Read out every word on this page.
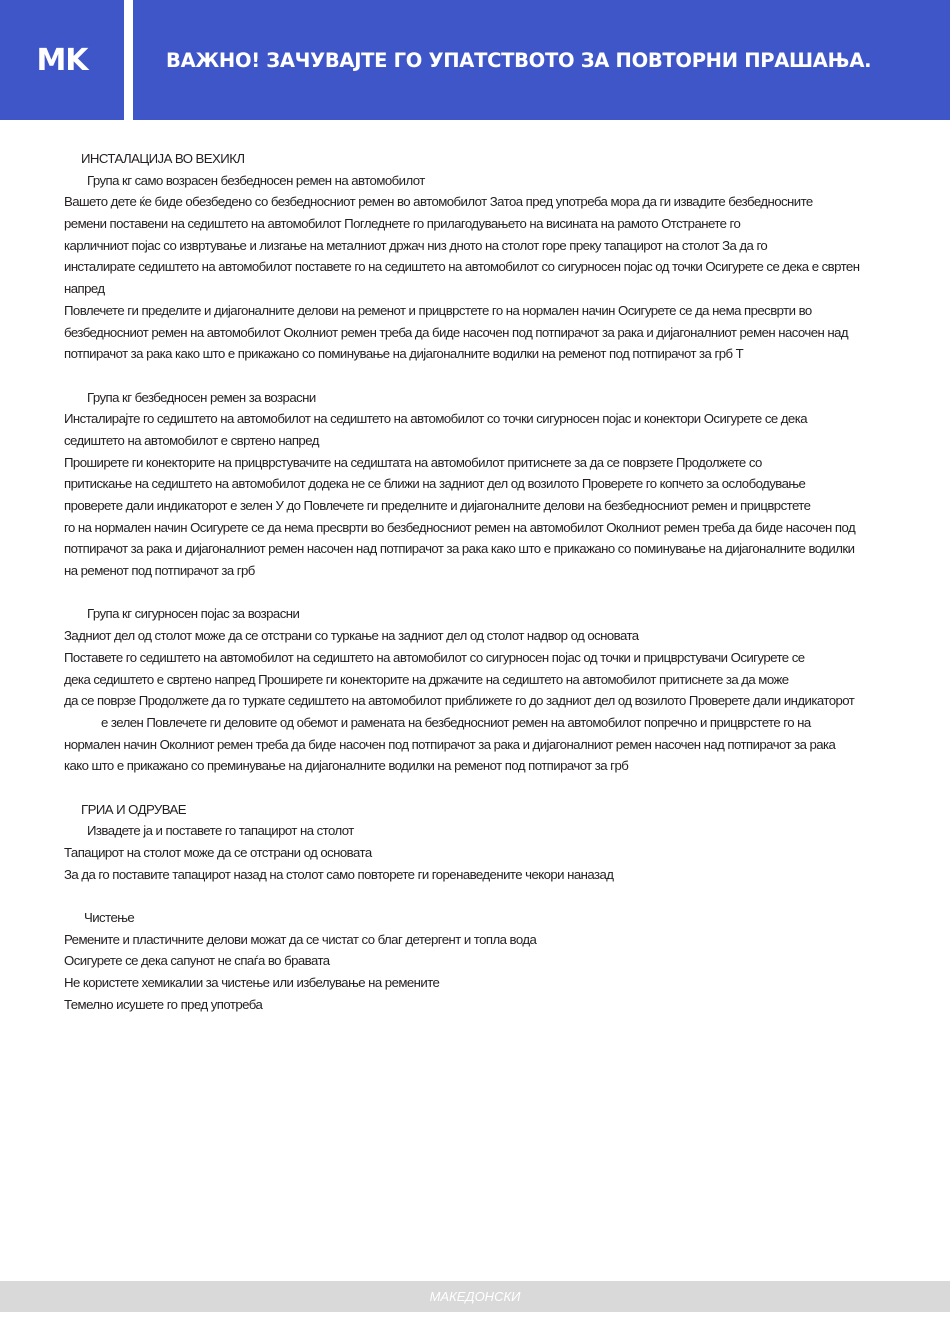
MK	ВАЖНО! ЗАЧУВАЈТЕ ГО УПАТСТВОТО ЗА ПОВТОРНИ ПРАШАЊА.
ИНСТАЛАЦИЈА ВО ВЕХИКЛ
Група кг само возрасен безбедносен ремен на автомобилот
Вашето дете ќе биде обезбедено со безбедносниот ремен во автомобилот Затоа пред употреба мора да ги извадите безбедносните
ремени поставени на седиштето на автомобилот Погледнете го прилагодувањето на висината на рамото Отстранете го
карличниот појас со извртување и лизгање на металниот држач низ дното на столот горе преку тапацирот на столот За да го
инсталирате седиштето на автомобилот поставете го на седиштето на автомобилот со сигурносен појас од точки Осигурете се дека е свртен
напред
Повлечете ги пределите и дијагоналните делови на ременот и прицврстете го на нормален начин Осигурете се да нема пресврти во
безбедносниот ремен на автомобилот Околниот ремен треба да биде насочен под потпирачот за рака и дијагоналниот ремен насочен над
потпирачот за рака како што е прикажано со поминување на дијагоналните водилки на ременот под потпирачот за грб Т
Група кг безбедносен ремен за возрасни
Инсталирајте го седиштето на автомобилот на седиштето на автомобилот со точки сигурносен појас и конектори Осигурете се дека
седиштето на автомобилот е свртено напред
Проширете ги конекторите на прицврстувачите на седиштата на автомобилот притиснете за да се поврзете Продолжете со
притискање на седиштето на автомобилот додека не се ближи на задниот дел од возилото Проверете го копчето за ослободување
проверете дали индикаторот е зелен У до Повлечете ги пределните и дијагоналните делови на безбедносниот ремен и прицврстете
го на нормален начин Осигурете се да нема пресврти во безбедносниот ремен на автомобилот Околниот ремен треба да биде насочен под
потпирачот за рака и дијагоналниот ремен насочен над потпирачот за рака како што е прикажано со поминување на дијагоналните водилки
на ременот под потпирачот за грб
Група кг сигурносен појас за возрасни
Задниот дел од столот може да се отстрани со туркање на задниот дел од столот надвор од основата
Поставете го седиштето на автомобилот на седиштето на автомобилот со сигурносен појас од точки и прицврстувачи Осигурете се
дека седиштето е свртено напред Проширете ги конекторите на држачите на седиштето на автомобилот притиснете за да може
да се поврзе Продолжете да го туркате седиштето на автомобилот приближете го до задниот дел од возилото Проверете дали индикаторот
е зелен Повлечете ги деловите од обемот и рамената на безбедносниот ремен на автомобилот попречно и прицврстете го на
нормален начин Околниот ремен треба да биде насочен под потпирачот за рака и дијагоналниот ремен насочен над потпирачот за рака
како што е прикажано со преминување на дијагоналните водилки на ременот под потпирачот за грб
ГРИА И ОДРУВАЕ
Извадете ја и поставете го тапацирот на столот
Тапацирот на столот може да се отстрани од основата
За да го поставите тапацирот назад на столот само повторете ги горенаведените чекори наназад
Чистење
Ремените и пластичните делови можат да се чистат со благ детергент и топла вода
Осигурете се дека сапунот не спаѓа во бравата
Не користете хемикалии за чистење или избелување на ремените
Темелно исушете го пред употреба
МАКЕДОНСКИ
